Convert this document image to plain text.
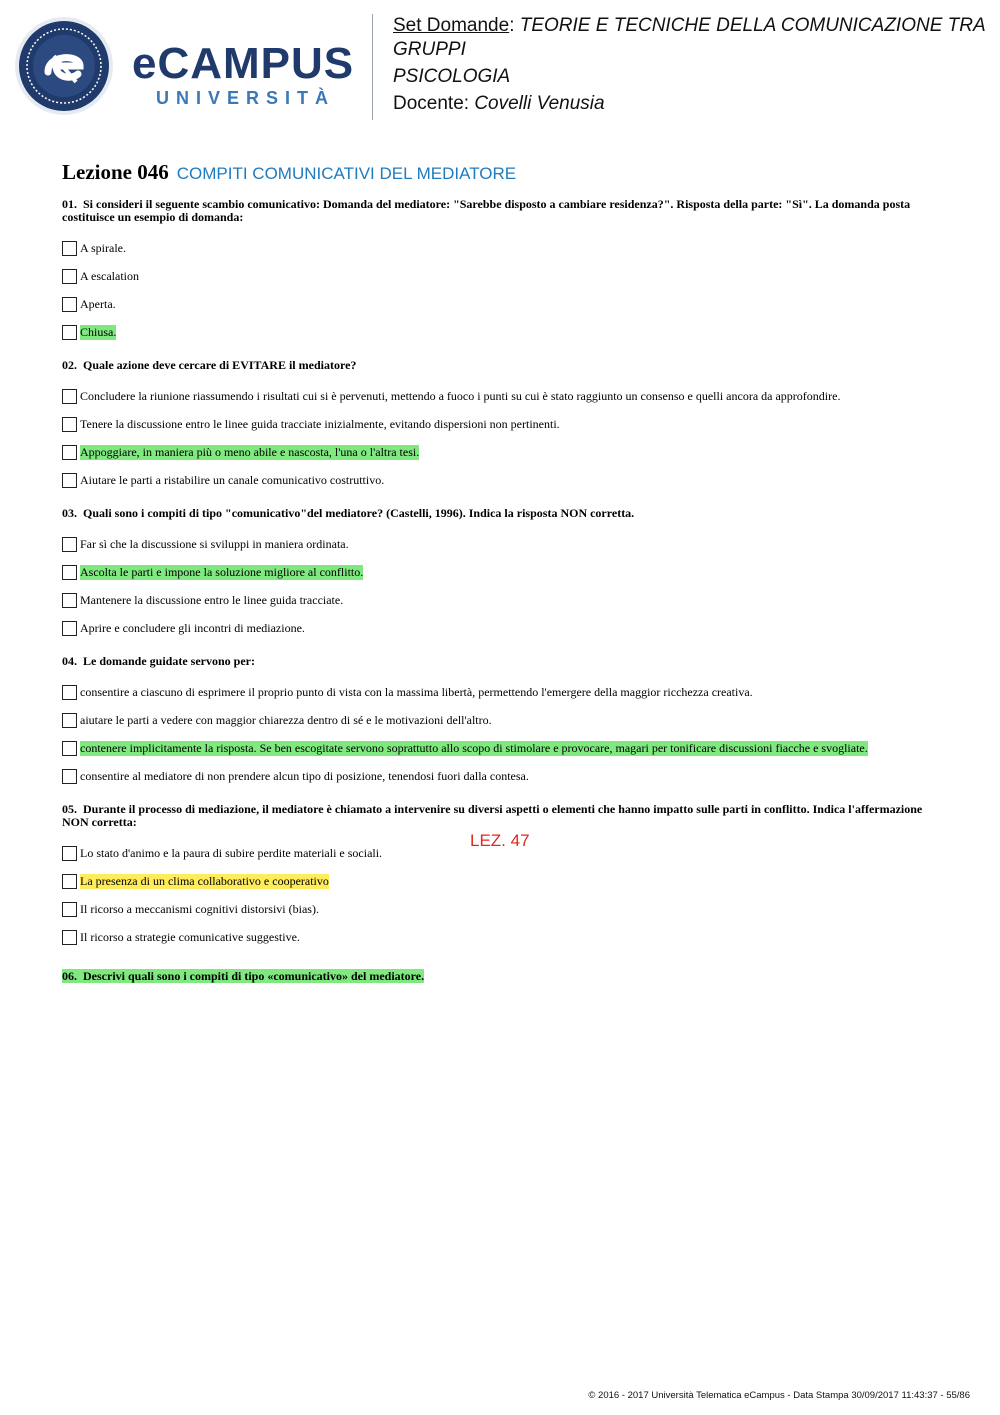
eCAMPUS
UNIVERSITÀ
Set Domande: TEORIE E TECNICHE DELLA COMUNICAZIONE TRA GRUPPI
PSICOLOGIA
Docente: Covelli Venusia
Lezione 046 COMPITI COMUNICATIVI DEL MEDIATORE
01. Si consideri il seguente scambio comunicativo: Domanda del mediatore: "Sarebbe disposto a cambiare residenza?". Risposta della parte: "Sì". La domanda posta costituisce un esempio di domanda:
A spirale.
A escalation
Aperta.
Chiusa.
02. Quale azione deve cercare di EVITARE il mediatore?
Concludere la riunione riassumendo i risultati cui si è pervenuti, mettendo a fuoco i punti su cui è stato raggiunto un consenso e quelli ancora da approfondire.
Tenere la discussione entro le linee guida tracciate inizialmente, evitando dispersioni non pertinenti.
Appoggiare, in maniera più o meno abile e nascosta, l'una o l'altra tesi.
Aiutare le parti a ristabilire un canale comunicativo costruttivo.
03. Quali sono i compiti di tipo "comunicativo"del mediatore? (Castelli, 1996). Indica la risposta NON corretta.
Far sì che la discussione si sviluppi in maniera ordinata.
Ascolta le parti e impone la soluzione migliore al conflitto.
Mantenere la discussione entro le linee guida tracciate.
Aprire e concludere gli incontri di mediazione.
04. Le domande guidate servono per:
consentire a ciascuno di esprimere il proprio punto di vista con la massima libertà, permettendo l'emergere della maggior ricchezza creativa.
aiutare le parti a vedere con maggior chiarezza dentro di sé e le motivazioni dell'altro.
contenere implicitamente la risposta. Se ben escogitate servono soprattutto allo scopo di stimolare e provocare, magari per tonificare discussioni fiacche e svogliate.
consentire al mediatore di non prendere alcun tipo di posizione, tenendosi fuori dalla contesa.
05. Durante il processo di mediazione, il mediatore è chiamato a intervenire su diversi aspetti o elementi che hanno impatto sulle parti in conflitto. Indica l'affermazione NON corretta:
Lo stato d'animo e la paura di subire perdite materiali e sociali.
La presenza di un clima collaborativo e cooperativo
Il ricorso a meccanismi cognitivi distorsivi (bias).
Il ricorso a strategie comunicative suggestive.
06. Descrivi quali sono i compiti di tipo «comunicativo» del mediatore.
LEZ. 47
© 2016 - 2017 Università Telematica eCampus - Data Stampa 30/09/2017 11:43:37 - 55/86
